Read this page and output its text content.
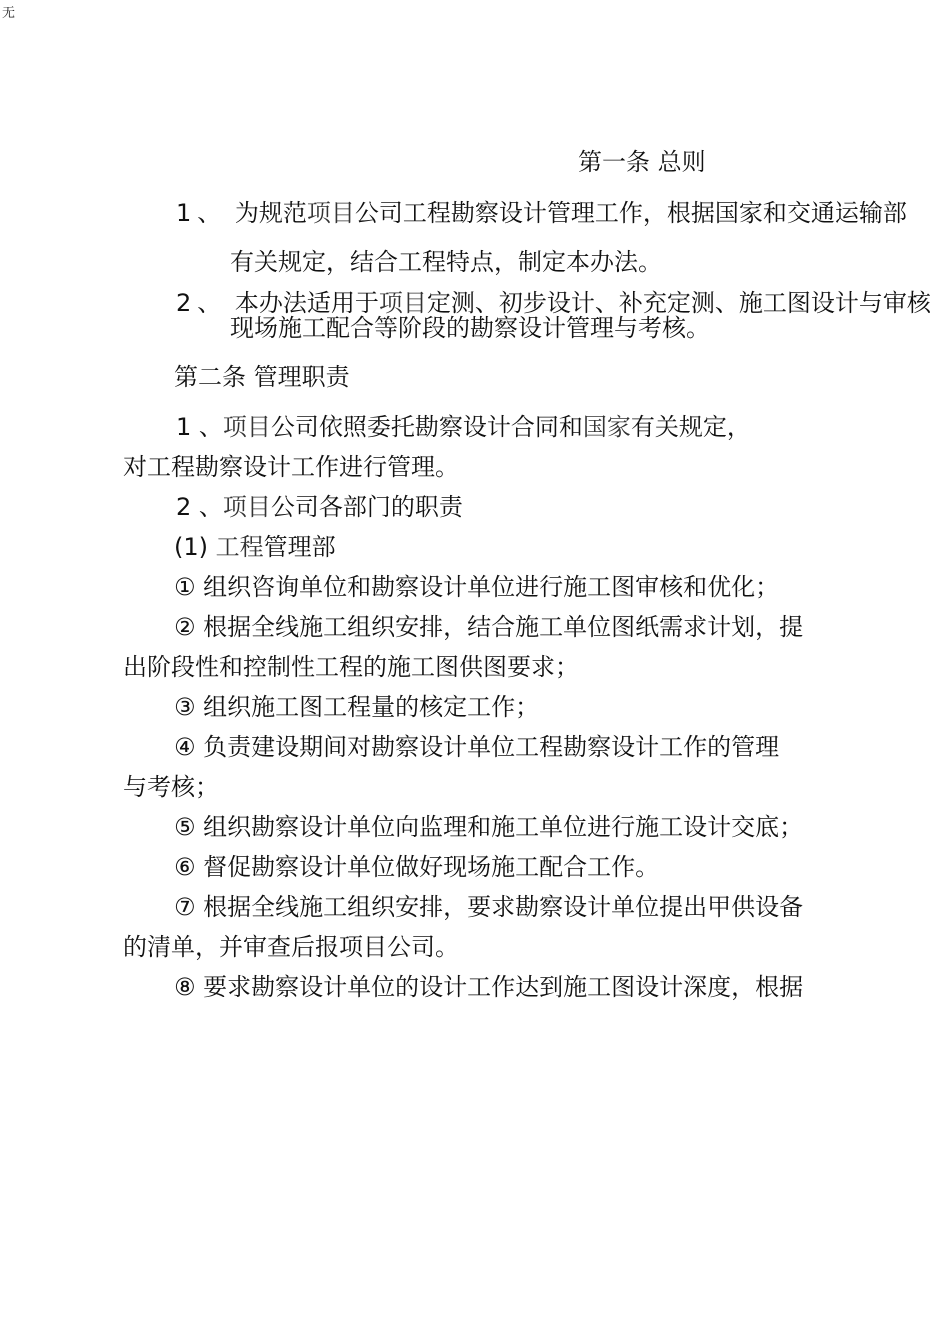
无
第一条 总则
1、 为规范项目公司工程勘察设计管理工作，根据国家和交通运输部
有关规定，结合工程特点，制定本办法。
2、 本办法适用于项目定测、初步设计、补充定测、施工图设计与审核
现场施工配合等阶段的勘察设计管理与考核。
第二条 管理职责
1 、项目公司依照委托勘察设计合同和国家有关规定，
对工程勘察设计工作进行管理。
2 、项目公司各部门的职责
(1) 工程管理部
① 组织咨询单位和勘察设计单位进行施工图审核和优化；
② 根据全线施工组织安排，结合施工单位图纸需求计划，提
出阶段性和控制性工程的施工图供图要求；
③ 组织施工图工程量的核定工作；
④ 负责建设期间对勘察设计单位工程勘察设计工作的管理
与考核；
⑤ 组织勘察设计单位向监理和施工单位进行施工设计交底；
⑥ 督促勘察设计单位做好现场施工配合工作。
⑦ 根据全线施工组织安排，要求勘察设计单位提出甲供设备
的清单，并审查后报项目公司。
⑧ 要求勘察设计单位的设计工作达到施工图设计深度，根据
